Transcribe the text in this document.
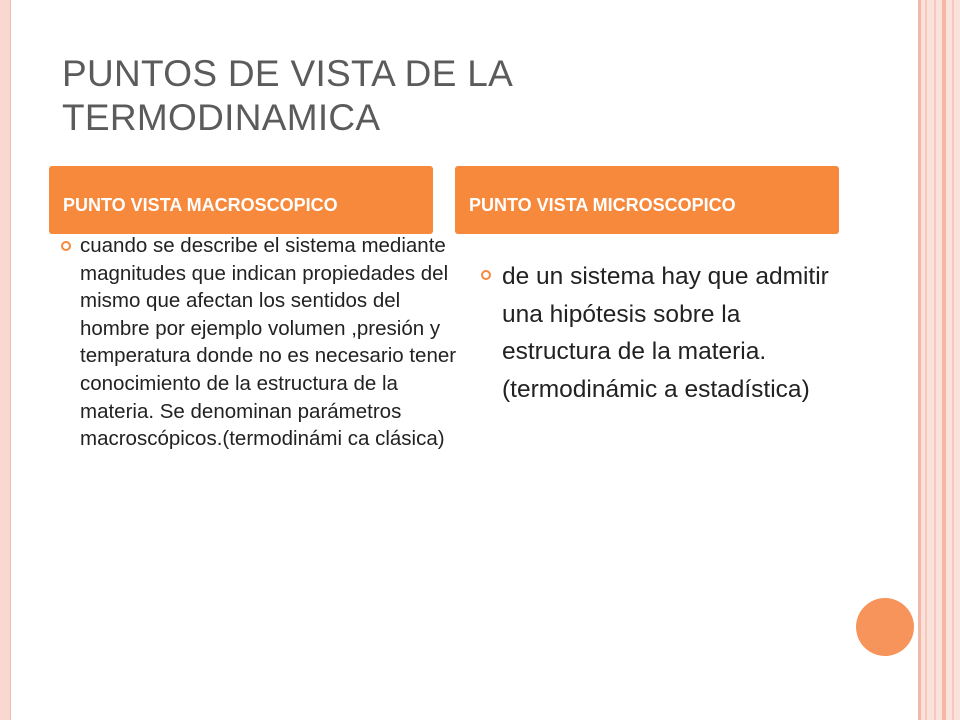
PUNTOS DE VISTA DE LA TERMODINAMICA
PUNTO VISTA MACROSCOPICO	PUNTO VISTA MICROSCOPICO
cuando se describe el sistema mediante magnitudes que indican propiedades del mismo que afectan los sentidos del hombre por ejemplo volumen ,presión y temperatura donde no es necesario tener conocimiento de la estructura de la materia. Se denominan parámetros macroscópicos.(termodinámi ca clásica)
de un sistema hay que admitir una hipótesis sobre la estructura de la materia.(termodinámic a estadística)
